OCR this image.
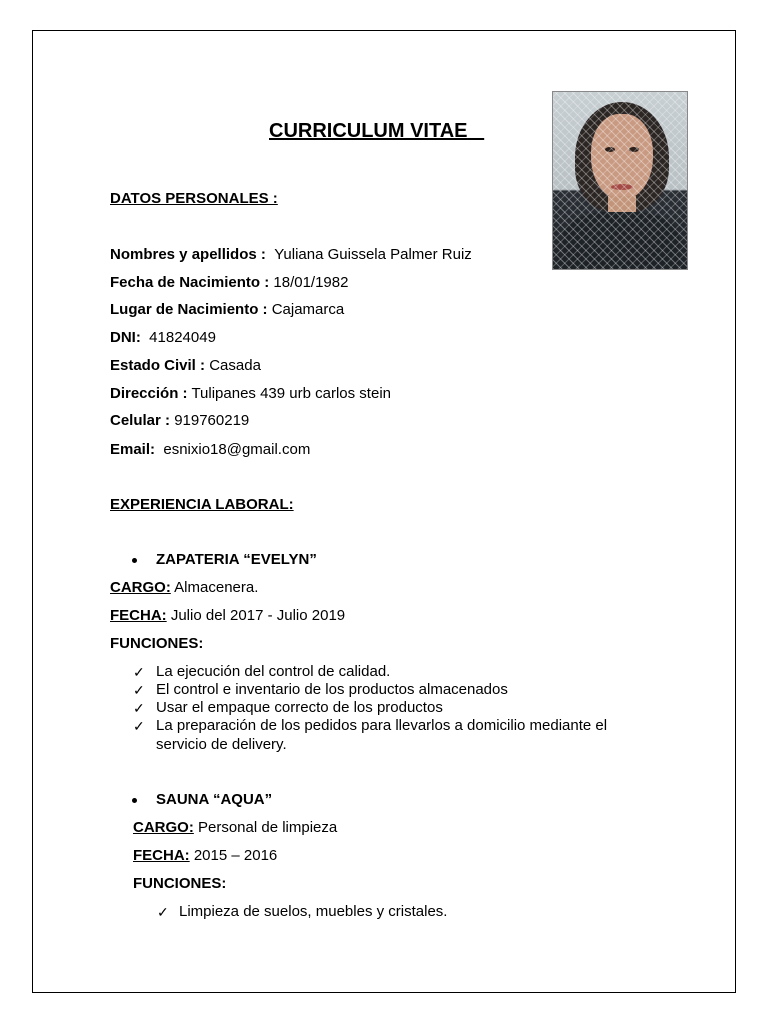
CURRICULUM VITAE
DATOS PERSONALES :
Nombres y apellidos : Yuliana Guissela Palmer Ruiz
Fecha de Nacimiento : 18/01/1982
Lugar de Nacimiento : Cajamarca
DNI: 41824049
Estado Civil : Casada
Dirección : Tulipanes 439 urb carlos stein
Celular : 919760219
Email: esnixio18@gmail.com
EXPERIENCIA LABORAL:
ZAPATERIA “EVELYN”
CARGO: Almacenera.
FECHA: Julio del 2017 - Julio 2019
FUNCIONES:
✓ La ejecución del control de calidad.
✓ El control e inventario de los productos almacenados
✓ Usar el empaque correcto de los productos
✓ La preparación de los pedidos para llevarlos a domicilio mediante el
servicio de delivery.
SAUNA “AQUA”
CARGO: Personal de limpieza
FECHA: 2015 – 2016
FUNCIONES:
✓ Limpieza de suelos, muebles y cristales.
